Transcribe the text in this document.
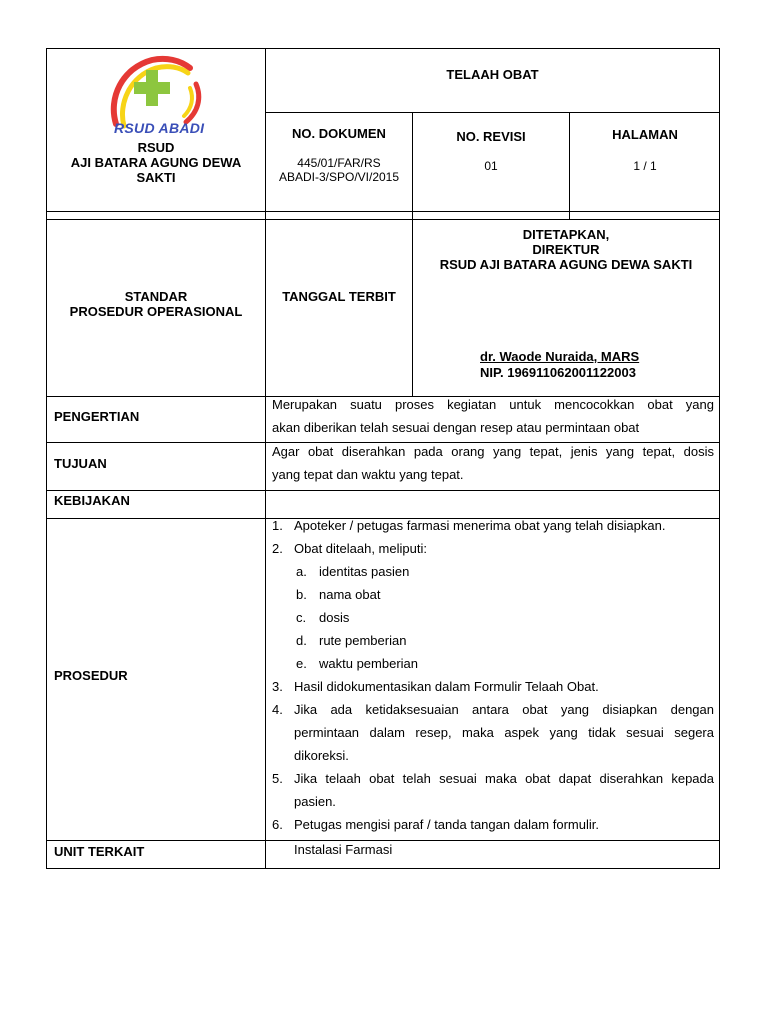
RSUD ABADI
RSUD
AJI BATARA AGUNG DEWA
SAKTI
TELAAH OBAT
NO. DOKUMEN
445/01/FAR/RS
ABADI-3/SPO/VI/2015
NO. REVISI
01
HALAMAN
1 / 1
STANDAR
PROSEDUR OPERASIONAL
TANGGAL TERBIT
DITETAPKAN,
DIREKTUR
RSUD AJI BATARA AGUNG DEWA SAKTI
dr. Waode Nuraida, MARS
NIP. 196911062001122003
PENGERTIAN
Merupakan suatu proses kegiatan untuk mencocokkan obat yang
akan diberikan telah sesuai dengan resep atau permintaan obat
TUJUAN
Agar obat diserahkan pada orang yang tepat, jenis yang tepat, dosis
yang tepat dan waktu yang tepat.
KEBIJAKAN
PROSEDUR
1. Apoteker / petugas farmasi menerima obat yang telah disiapkan.
2. Obat ditelaah, meliputi:
a. identitas pasien
b. nama obat
c. dosis
d. rute pemberian
e. waktu pemberian
3. Hasil didokumentasikan dalam Formulir Telaah Obat.
4. Jika ada ketidaksesuaian antara obat yang disiapkan dengan
permintaan dalam resep, maka aspek yang tidak sesuai segera
dikoreksi.
5. Jika telaah obat telah sesuai maka obat dapat diserahkan kepada
pasien.
6. Petugas mengisi paraf / tanda tangan dalam formulir.
UNIT TERKAIT	Instalasi Farmasi
